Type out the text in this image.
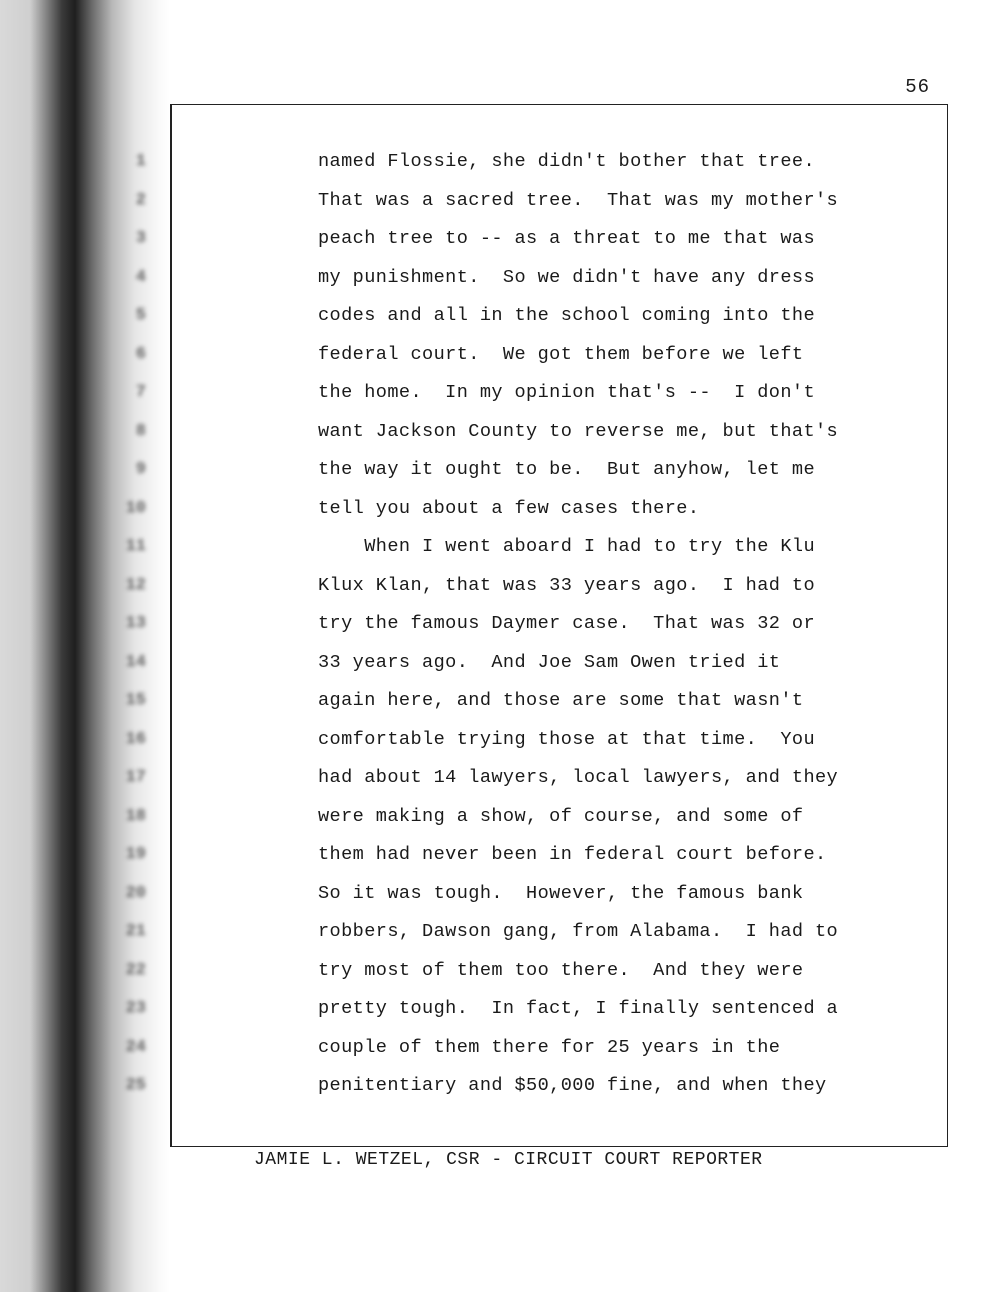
56
1
2
3
4
5
6
7
8
9
10
11
12
13
14
15
16
17
18
19
20
21
22
23
24
25
named Flossie, she didn't bother that tree.
That was a sacred tree.  That was my mother's
peach tree to -- as a threat to me that was
my punishment.  So we didn't have any dress
codes and all in the school coming into the
federal court.  We got them before we left
the home.  In my opinion that's --  I don't
want Jackson County to reverse me, but that's
the way it ought to be.  But anyhow, let me
tell you about a few cases there.
When I went aboard I had to try the Klu
Klux Klan, that was 33 years ago.  I had to
try the famous Daymer case.  That was 32 or
33 years ago.  And Joe Sam Owen tried it
again here, and those are some that wasn't
comfortable trying those at that time.  You
had about 14 lawyers, local lawyers, and they
were making a show, of course, and some of
them had never been in federal court before.
So it was tough.  However, the famous bank
robbers, Dawson gang, from Alabama.  I had to
try most of them too there.  And they were
pretty tough.  In fact, I finally sentenced a
couple of them there for 25 years in the
penitentiary and $50,000 fine, and when they
JAMIE L. WETZEL, CSR - CIRCUIT COURT REPORTER
